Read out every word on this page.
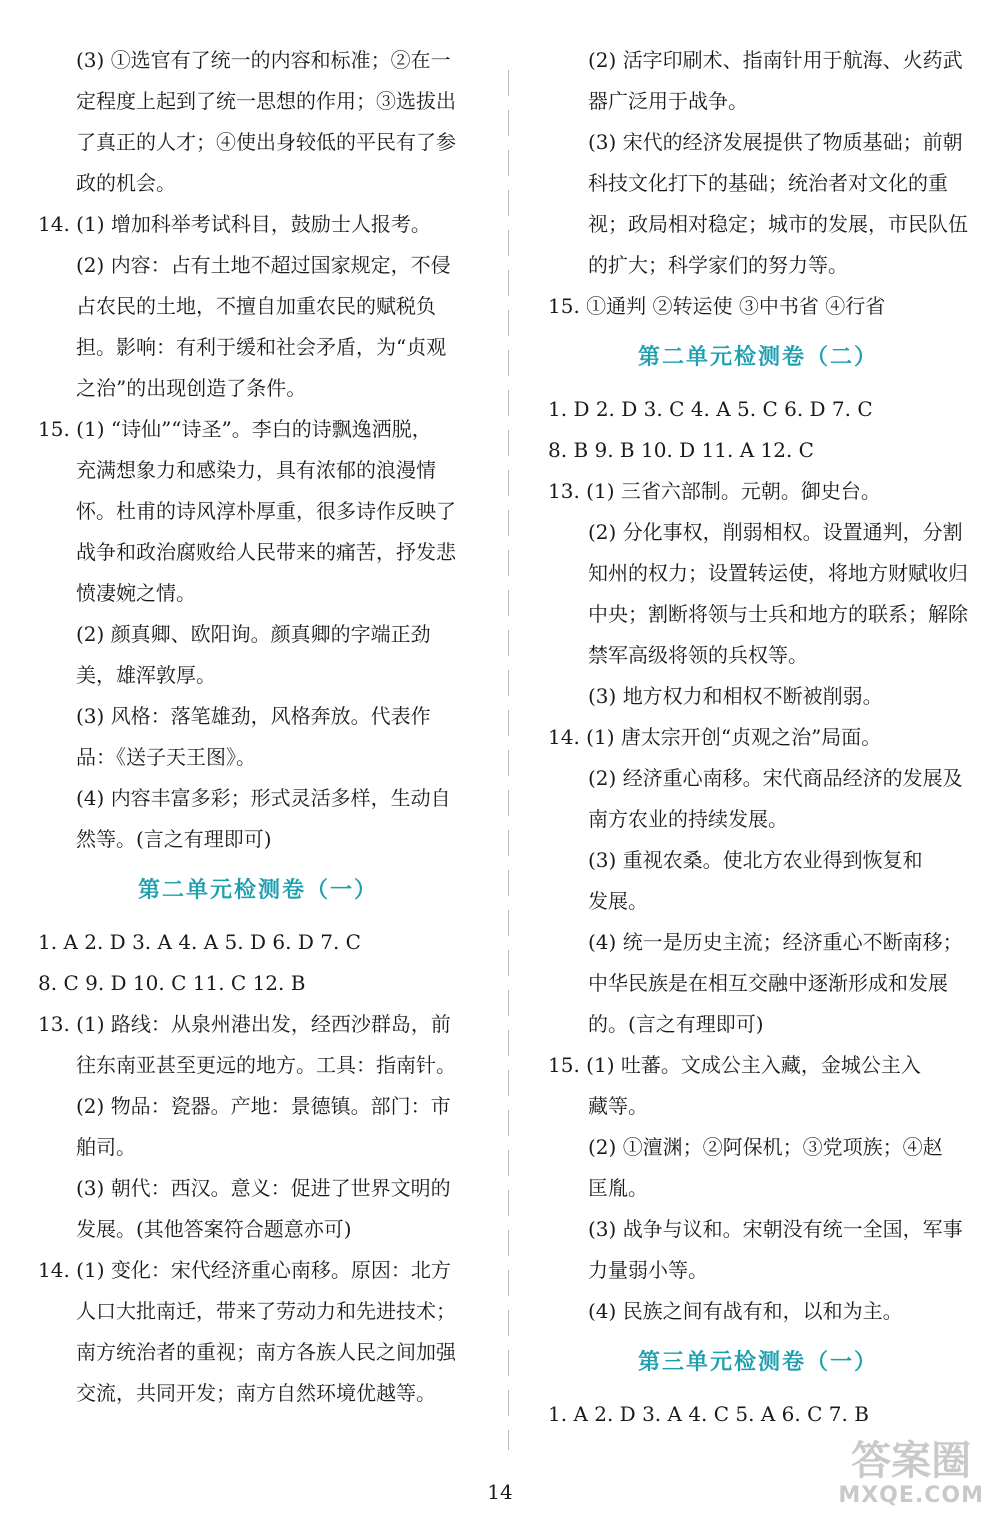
(3) ①选官有了统一的内容和标准；②在一
定程度上起到了统一思想的作用；③选拔出
了真正的人才；④使出身较低的平民有了参
政的机会。
14. (1) 增加科举考试科目，鼓励士人报考。
(2) 内容：占有土地不超过国家规定，不侵
占农民的土地，不擅自加重农民的赋税负
担。影响：有利于缓和社会矛盾，为“贞观
之治”的出现创造了条件。
15. (1) “诗仙”“诗圣”。李白的诗飘逸洒脱，
充满想象力和感染力，具有浓郁的浪漫情
怀。杜甫的诗风淳朴厚重，很多诗作反映了
战争和政治腐败给人民带来的痛苦，抒发悲
愤凄婉之情。
(2) 颜真卿、欧阳询。颜真卿的字端正劲
美，雄浑敦厚。
(3) 风格：落笔雄劲，风格奔放。代表作
品：《送子天王图》。
(4) 内容丰富多彩；形式灵活多样，生动自
然等。(言之有理即可)
第二单元检测卷（一）
1. A 2. D 3. A 4. A 5. D 6. D 7. C
8. C 9. D 10. C 11. C 12. B
13. (1) 路线：从泉州港出发，经西沙群岛，前
往东南亚甚至更远的地方。工具：指南针。
(2) 物品：瓷器。产地：景德镇。部门：市
舶司。
(3) 朝代：西汉。意义：促进了世界文明的
发展。(其他答案符合题意亦可)
14. (1) 变化：宋代经济重心南移。原因：北方
人口大批南迁，带来了劳动力和先进技术；
南方统治者的重视；南方各族人民之间加强
交流，共同开发；南方自然环境优越等。
(2) 活字印刷术、指南针用于航海、火药武
器广泛用于战争。
(3) 宋代的经济发展提供了物质基础；前朝
科技文化打下的基础；统治者对文化的重
视；政局相对稳定；城市的发展，市民队伍
的扩大；科学家们的努力等。
15. ①通判 ②转运使 ③中书省 ④行省
第二单元检测卷（二）
1. D 2. D 3. C 4. A 5. C 6. D 7. C
8. B 9. B 10. D 11. A 12. C
13. (1) 三省六部制。元朝。御史台。
(2) 分化事权，削弱相权。设置通判，分割
知州的权力；设置转运使，将地方财赋收归
中央；割断将领与士兵和地方的联系；解除
禁军高级将领的兵权等。
(3) 地方权力和相权不断被削弱。
14. (1) 唐太宗开创“贞观之治”局面。
(2) 经济重心南移。宋代商品经济的发展及
南方农业的持续发展。
(3) 重视农桑。使北方农业得到恢复和
发展。
(4) 统一是历史主流；经济重心不断南移；
中华民族是在相互交融中逐渐形成和发展
的。(言之有理即可)
15. (1) 吐蕃。文成公主入藏，金城公主入
藏等。
(2) ①澶渊；②阿保机；③党项族；④赵
匡胤。
(3) 战争与议和。宋朝没有统一全国，军事
力量弱小等。
(4) 民族之间有战有和，以和为主。
第三单元检测卷（一）
1. A 2. D 3. A 4. C 5. A 6. C 7. B
14
答案圈
MXQE.COM
